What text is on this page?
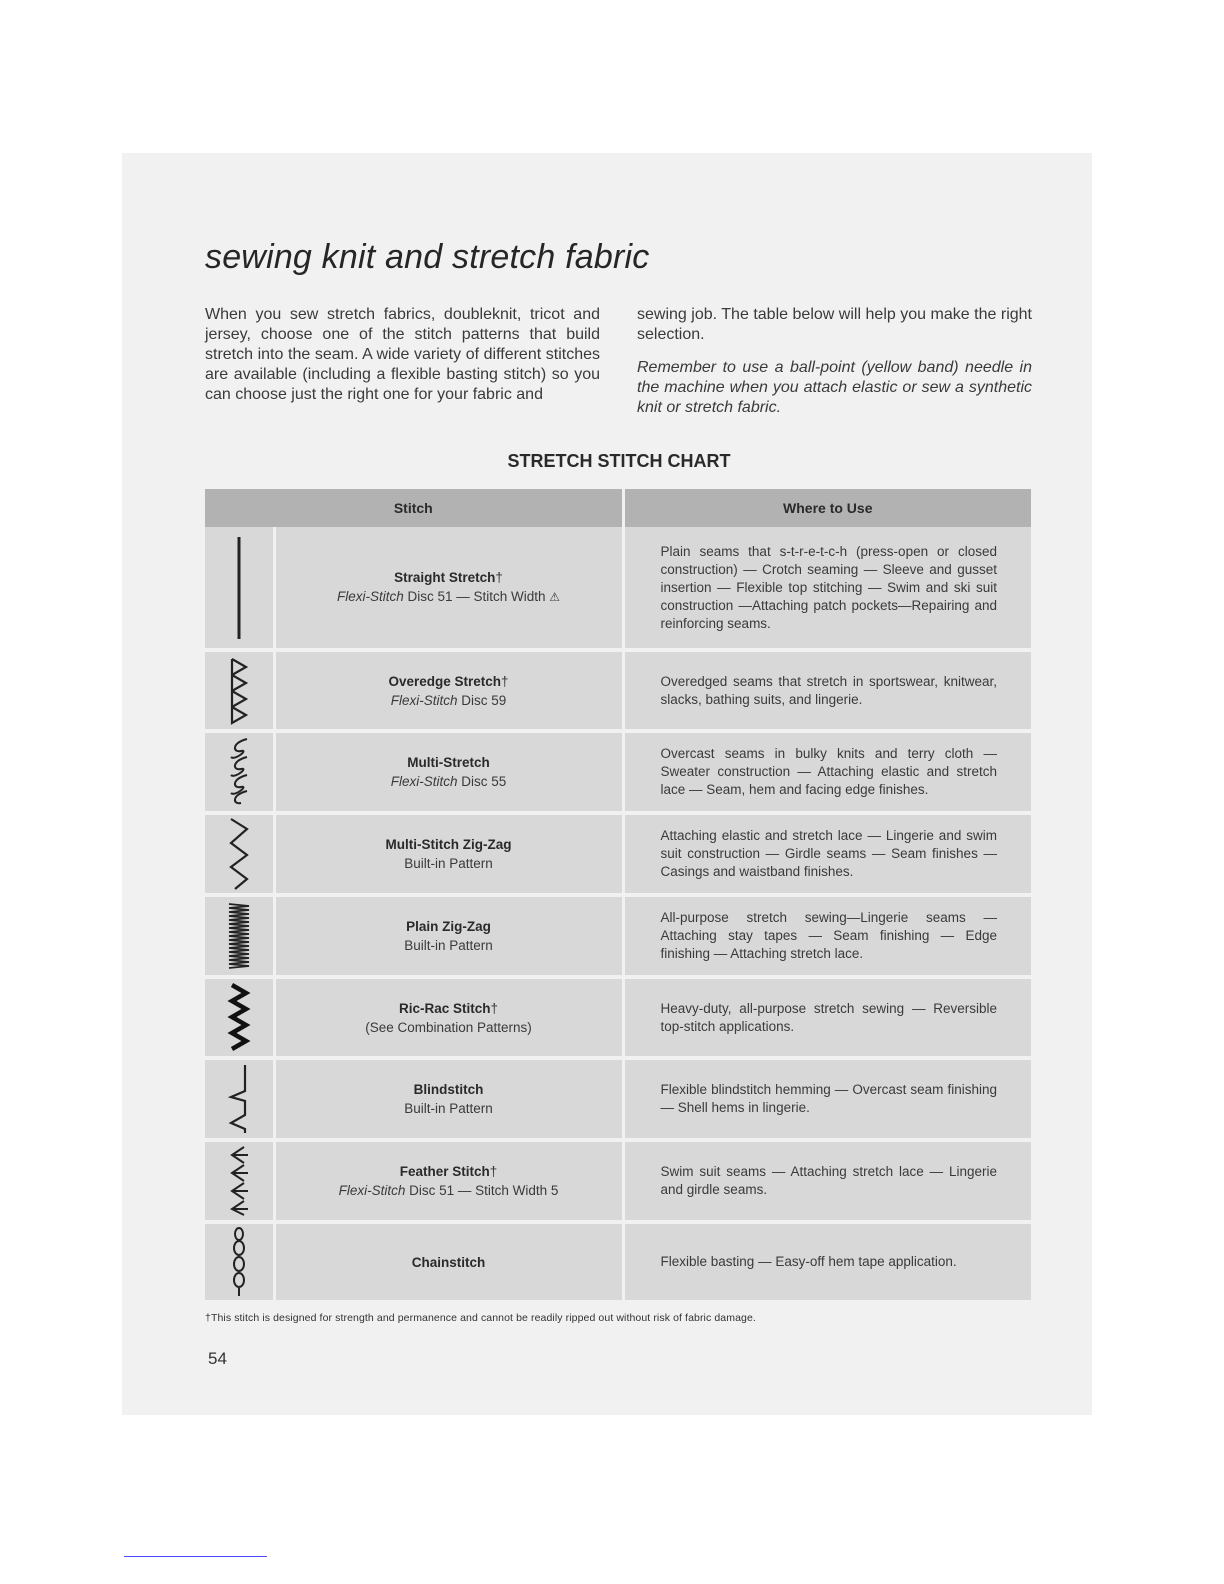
sewing knit and stretch fabric

When you sew stretch fabrics, doubleknit, tricot and jersey, choose one of the stitch patterns that build stretch into the seam. A wide variety of different stitches are available (including a flexible basting stitch) so you can choose just the right one for your fabric and

sewing job. The table below will help you make the right selection.

Remember to use a ball-point (yellow band) needle in the machine when you attach elastic or sew a synthetic knit or stretch fabric.

STRETCH STITCH CHART
Stitch		Where to Use

Straight Stretch†
Flexi-Stitch Disc 51 — Stitch Width ⚠	Plain seams that s-t-r-e-t-c-h (press-open or closed construction) — Crotch seaming — Sleeve and gusset insertion — Flexible top stitching — Swim and ski suit construction —Attaching patch pockets—Repairing and reinforcing seams.

Overedge Stretch†
Flexi-Stitch Disc 59	Overedged seams that stretch in sportswear, knitwear, slacks, bathing suits, and lingerie.

Multi-Stretch
Flexi-Stitch Disc 55	Overcast seams in bulky knits and terry cloth — Sweater construction — Attaching elastic and stretch lace — Seam, hem and facing edge finishes.

Multi-Stitch Zig-Zag
Built-in Pattern	Attaching elastic and stretch lace — Lingerie and swim suit construction — Girdle seams — Seam finishes — Casings and waistband finishes.

Plain Zig-Zag
Built-in Pattern	All-purpose stretch sewing—Lingerie seams — Attaching stay tapes — Seam finishing — Edge finishing — Attaching stretch lace.

Ric-Rac Stitch†
(See Combination Patterns)	Heavy-duty, all-purpose stretch sewing — Reversible top-stitch applications.

Blindstitch
Built-in Pattern	Flexible blindstitch hemming — Overcast seam finishing — Shell hems in lingerie.

Feather Stitch†
Flexi-Stitch Disc 51 — Stitch Width 5	Swim suit seams — Attaching stretch lace — Lingerie and girdle seams.

Chainstitch	Flexible basting — Easy-off hem tape application.
†This stitch is designed for strength and permanence and cannot be readily ripped out without risk of fabric damage.
54
